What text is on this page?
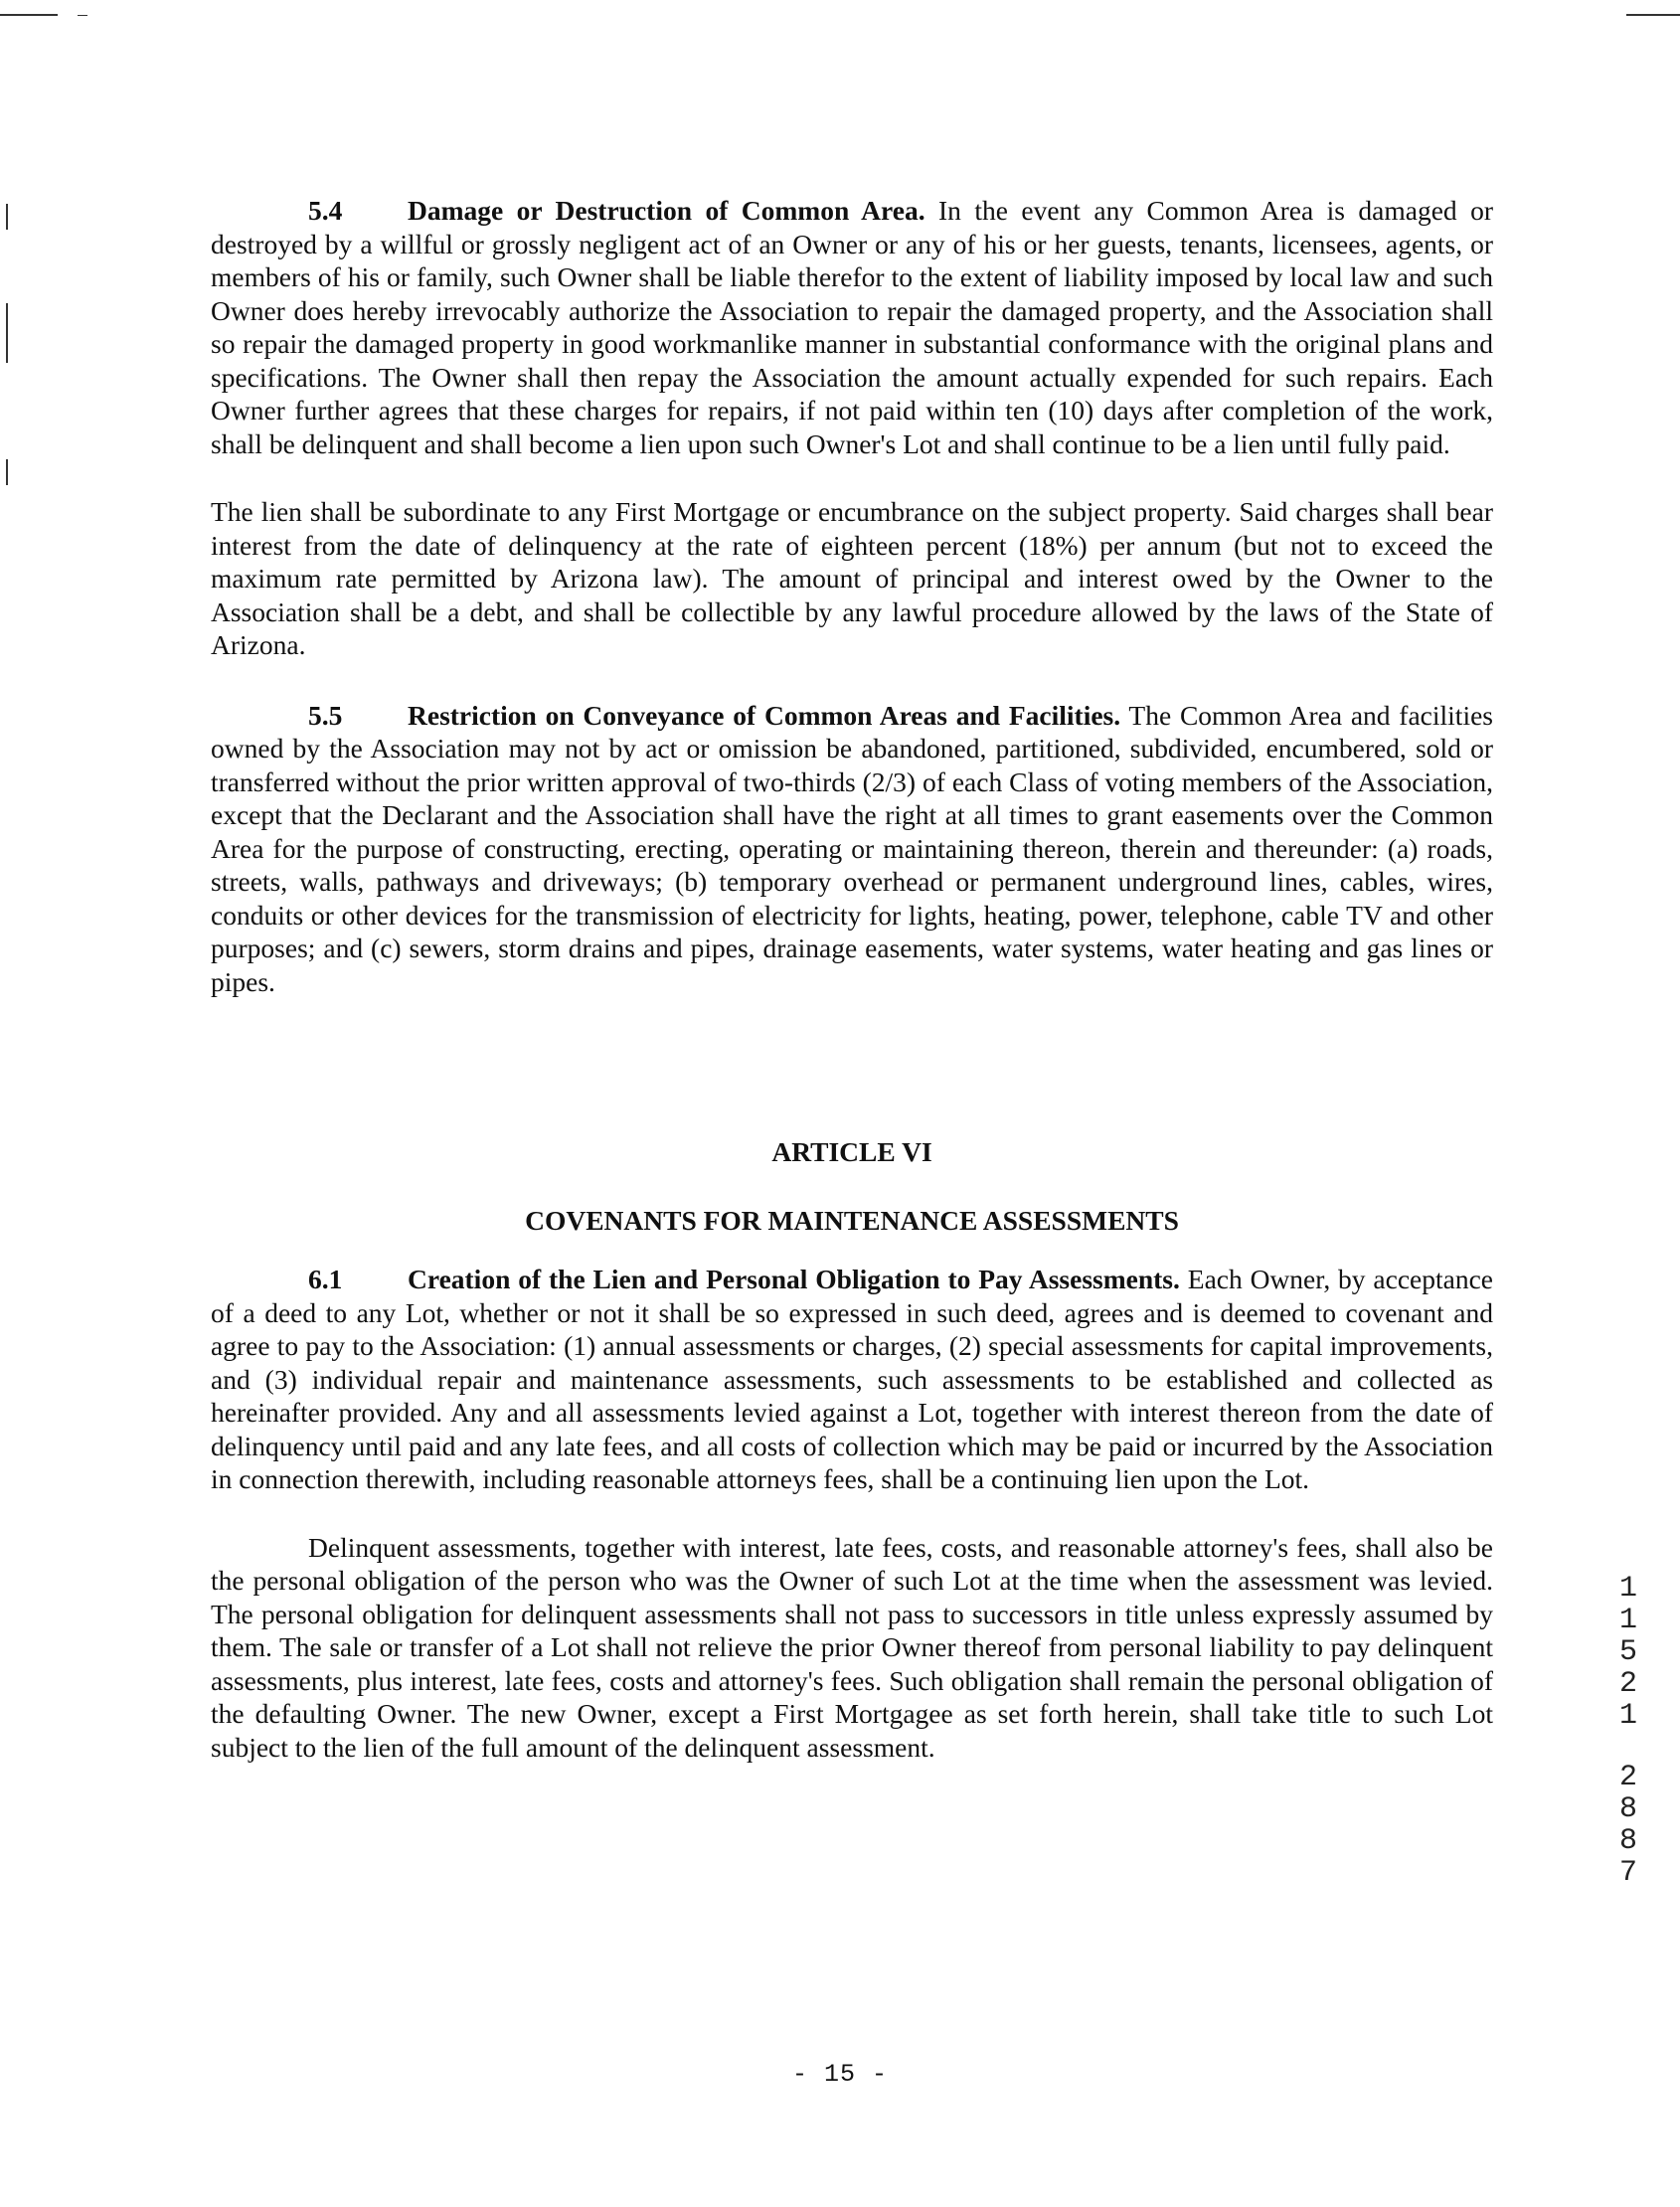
5.4 Damage or Destruction of Common Area. In the event any Common Area is damaged or destroyed by a willful or grossly negligent act of an Owner or any of his or her guests, tenants, licensees, agents, or members of his or family, such Owner shall be liable therefor to the extent of liability imposed by local law and such Owner does hereby irrevocably authorize the Association to repair the damaged property, and the Association shall so repair the damaged property in good workmanlike manner in substantial conformance with the original plans and specifications. The Owner shall then repay the Association the amount actually expended for such repairs. Each Owner further agrees that these charges for repairs, if not paid within ten (10) days after completion of the work, shall be delinquent and shall become a lien upon such Owner's Lot and shall continue to be a lien until fully paid.

The lien shall be subordinate to any First Mortgage or encumbrance on the subject property. Said charges shall bear interest from the date of delinquency at the rate of eighteen percent (18%) per annum (but not to exceed the maximum rate permitted by Arizona law). The amount of principal and interest owed by the Owner to the Association shall be a debt, and shall be collectible by any lawful procedure allowed by the laws of the State of Arizona.

5.5 Restriction on Conveyance of Common Areas and Facilities. The Common Area and facilities owned by the Association may not by act or omission be abandoned, partitioned, subdivided, encumbered, sold or transferred without the prior written approval of two-thirds (2/3) of each Class of voting members of the Association, except that the Declarant and the Association shall have the right at all times to grant easements over the Common Area for the purpose of constructing, erecting, operating or maintaining thereon, therein and thereunder: (a) roads, streets, walls, pathways and driveways; (b) temporary overhead or permanent underground lines, cables, wires, conduits or other devices for the transmission of electricity for lights, heating, power, telephone, cable TV and other purposes; and (c) sewers, storm drains and pipes, drainage easements, water systems, water heating and gas lines or pipes.

ARTICLE VI

COVENANTS FOR MAINTENANCE ASSESSMENTS

6.1 Creation of the Lien and Personal Obligation to Pay Assessments. Each Owner, by acceptance of a deed to any Lot, whether or not it shall be so expressed in such deed, agrees and is deemed to covenant and agree to pay to the Association: (1) annual assessments or charges, (2) special assessments for capital improvements, and (3) individual repair and maintenance assessments, such assessments to be established and collected as hereinafter provided. Any and all assessments levied against a Lot, together with interest thereon from the date of delinquency until paid and any late fees, and all costs of collection which may be paid or incurred by the Association in connection therewith, including reasonable attorneys fees, shall be a continuing lien upon the Lot.

Delinquent assessments, together with interest, late fees, costs, and reasonable attorney's fees, shall also be the personal obligation of the person who was the Owner of such Lot at the time when the assessment was levied. The personal obligation for delinquent assessments shall not pass to successors in title unless expressly assumed by them. The sale or transfer of a Lot shall not relieve the prior Owner thereof from personal liability to pay delinquent assessments, plus interest, late fees, costs and attorney's fees. Such obligation shall remain the personal obligation of the defaulting Owner. The new Owner, except a First Mortgagee as set forth herein, shall take title to such Lot subject to the lien of the full amount of the delinquent assessment.

1
1
5
2
1
2
8
8
7
- 15 -
